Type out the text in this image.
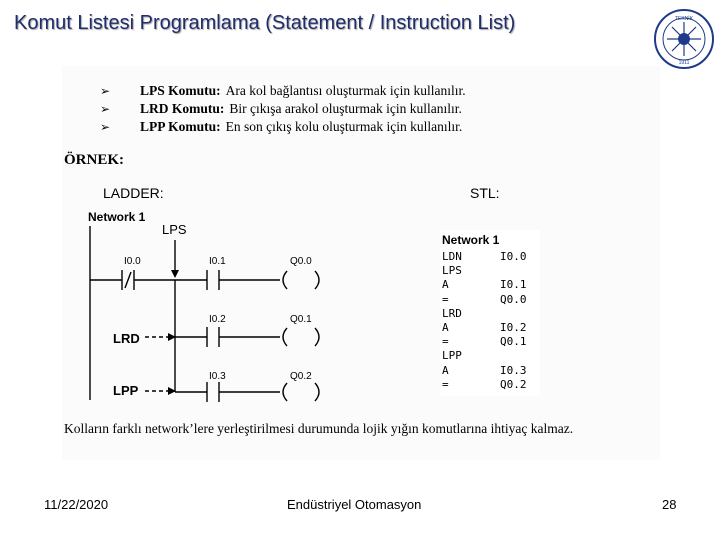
Komut Listesi Programlama (Statement / Instruction List)	TEKNİK
1911
➢	LPS Komutu: Ara kol bağlantısı oluşturmak için kullanılır.
➢	LRD Komutu: Bir çıkışa arakol oluşturmak için kullanılır.
➢	LPP Komutu: En son çıkış kolu oluşturmak için kullanılır.
ÖRNEK:
LADDER:	STL:
Network 1
LPS
LRD
LPP
I0.0	I0.1
I0.2
I0.3
Q0.0
Q0.1
Q0.2
Network 1
LDN	I0.0
LPS
A	I0.1
=	Q0.0
LRD
A	I0.2
=	Q0.1
LPP
A	I0.3
=	Q0.2
Kolların farklı network’lere yerleştirilmesi durumunda lojik yığın komutlarına ihtiyaç kalmaz.
11/22/2020	Endüstriyel Otomasyon	28
